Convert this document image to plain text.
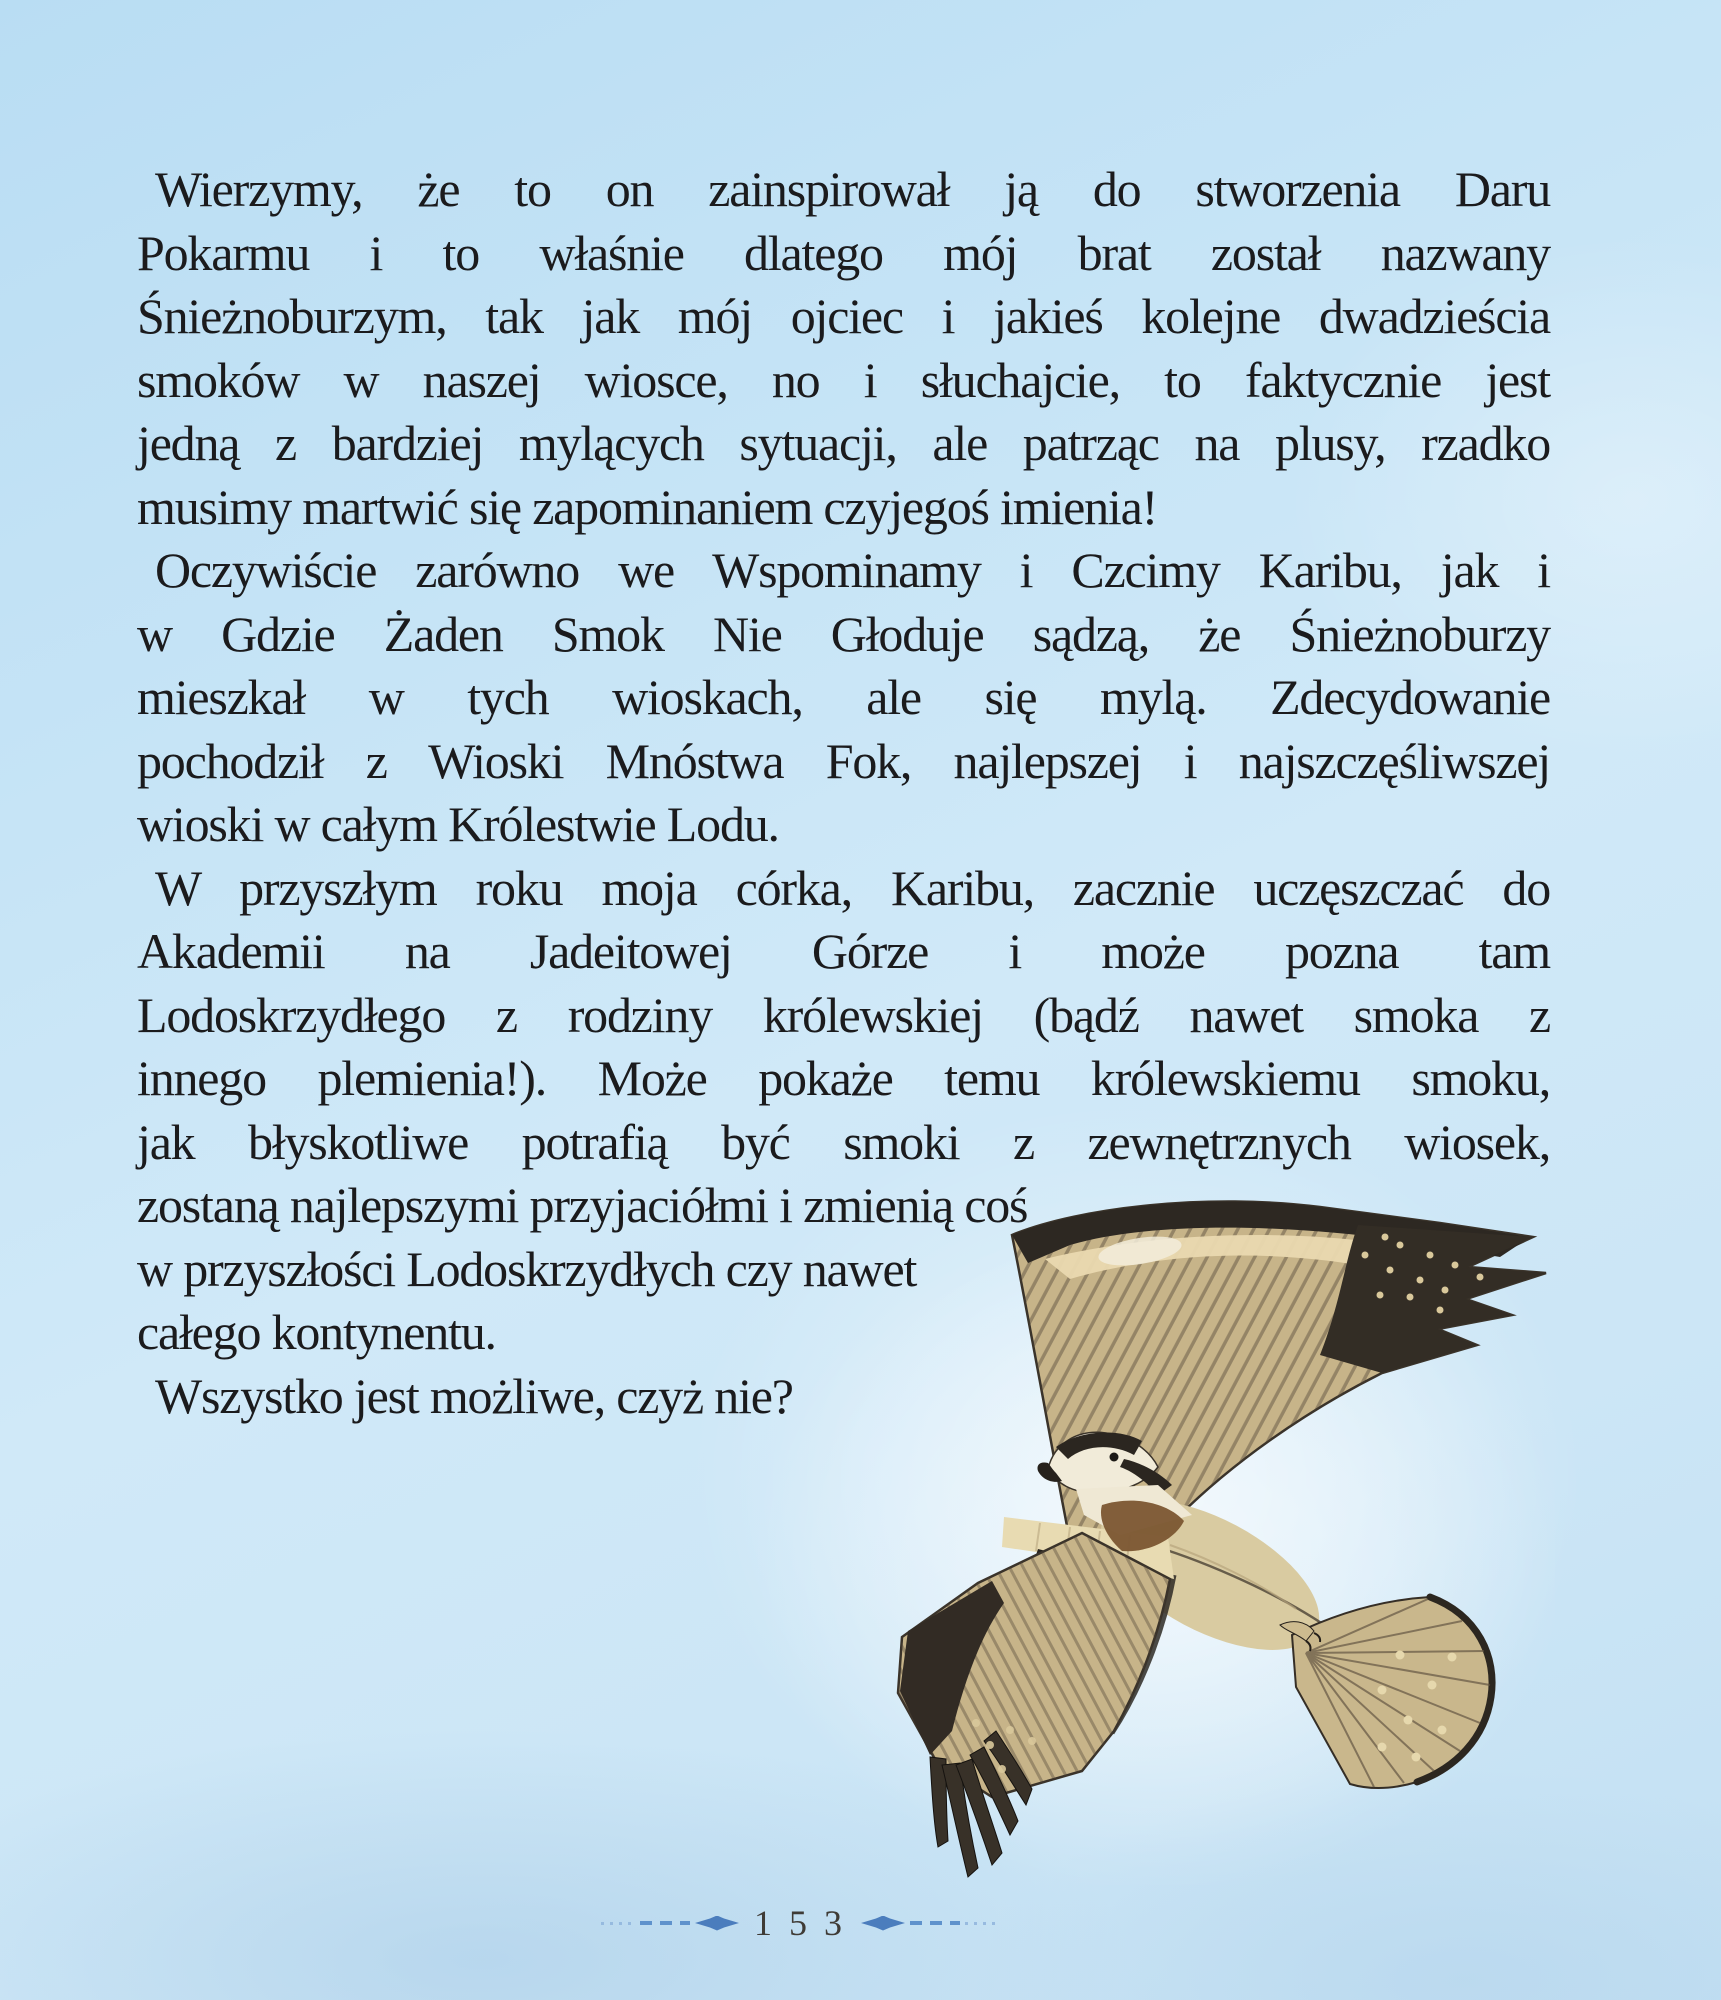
Wierzymy, że to on zainspirował ją do stworzenia Daru
Pokarmu i to właśnie dlatego mój brat został nazwany
Śnieżnoburzym, tak jak mój ojciec i jakieś kolejne dwadzieścia
smoków w naszej wiosce, no i słuchajcie, to faktycznie jest
jedną z bardziej mylących sytuacji, ale patrząc na plusy, rzadko
musimy martwić się zapominaniem czyjegoś imienia!
Oczywiście zarówno we Wspominamy i Czcimy Karibu, jak i
w Gdzie Żaden Smok Nie Głoduje sądzą, że Śnieżnoburzy
mieszkał w tych wioskach, ale się mylą. Zdecydowanie
pochodził z Wioski Mnóstwa Fok, najlepszej i najszczęśliwszej
wioski w całym Królestwie Lodu.
W przyszłym roku moja córka, Karibu, zacznie uczęszczać do
Akademii na Jadeitowej Górze i może pozna tam
Lodoskrzydłego z rodziny królewskiej (bądź nawet smoka z
innego plemienia!). Może pokaże temu królewskiemu smoku,
jak błyskotliwe potrafią być smoki z zewnętrznych wiosek,
zostaną najlepszymi przyjaciółmi i zmienią coś
w przyszłości Lodoskrzydłych czy nawet
całego kontynentu.
Wszystko jest możliwe, czyż nie?
1 5 3
